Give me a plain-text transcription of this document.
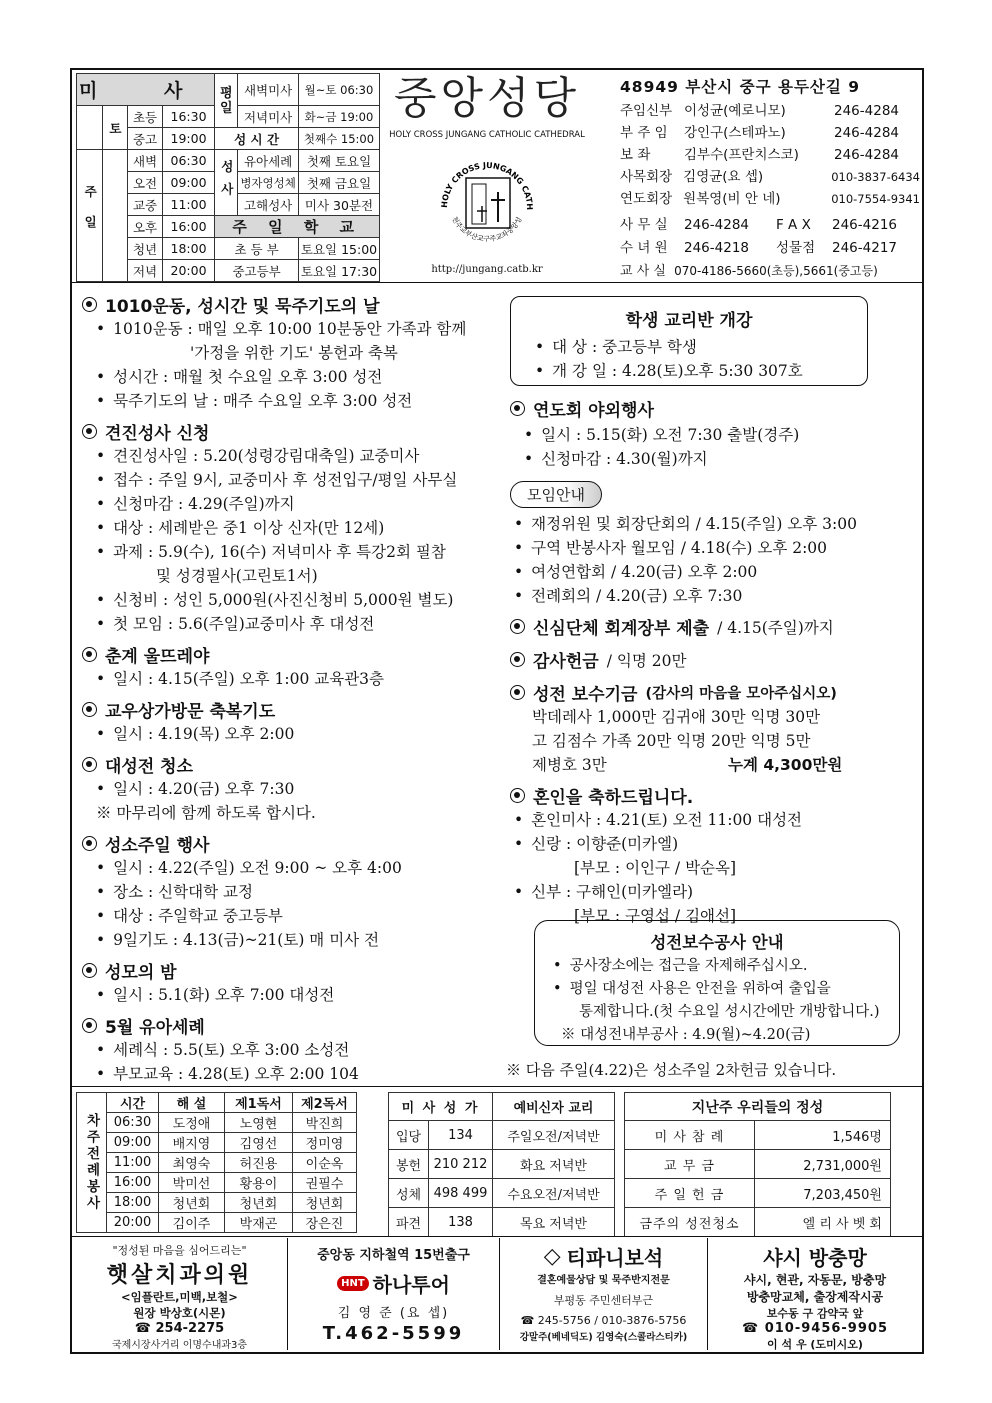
미 사				평일	새벽미사	월~토 06:30
	토	초등	16:30		저녁미사	화~금 19:00
		중고	19:00	성 시 간		첫째수 15:00
주일		새벽	06:30	성사	유아세례	첫째 토요일
		오전	09:00		병자영성체	첫째 금요일
		교중	11:00		고해성사	미사 30분전
		오후	16:00	주 일 학 교		
		청년	18:00	초 등 부		토요일 15:00
		저녁	20:00	중고등부		토요일 17:30
중앙성당
HOLY CROSS JUNGANG CATHOLIC CATHEDRAL
HOLY CROSS JUNGANG CATH
천주교부산교구주교좌중앙성
http://jungang.catb.kr
48949 부산시 중구 용두산길 9
주임신부 이성균(예로니모)	246-4284
부 주 임	강인구(스테파노)	246-4284
보 좌	김부수(프란치스코)	246-4284
사목회장 김영균(요 셉)	010-3837-6434
연도회장 원복영(비 안 네)	010-7554-9341
사 무 실	246-4284	F A X	246-4216
수 녀 원	246-4218	성물점	246-4217
교 사 실 070-4186-5660(초등),5661(중고등)
1010운동, 성시간 및 묵주기도의 날
• 1010운동 : 매일 오후 10:00 10분동안 가족과 함께
'가정을 위한 기도' 봉헌과 축복
• 성시간 : 매월 첫 수요일 오후 3:00 성전
• 묵주기도의 날 : 매주 수요일 오후 3:00 성전
견진성사 신청
• 견진성사일 : 5.20(성령강림대축일) 교중미사
• 접수 : 주일 9시, 교중미사 후 성전입구/평일 사무실
• 신청마감 : 4.29(주일)까지
• 대상 : 세례받은 중1 이상 신자(만 12세)
• 과제 : 5.9(수), 16(수) 저녁미사 후 특강2회 필참
및 성경필사(고린토1서)
• 신청비 : 성인 5,000원(사진신청비 5,000원 별도)
• 첫 모임 : 5.6(주일)교중미사 후 대성전
춘계 울뜨레야
• 일시 : 4.15(주일) 오후 1:00 교육관3층
교우상가방문 축복기도
• 일시 : 4.19(목) 오후 2:00
대성전 청소
• 일시 : 4.20(금) 오후 7:30
※ 마무리에 함께 하도록 합시다.
성소주일 행사
• 일시 : 4.22(주일) 오전 9:00 ~ 오후 4:00
• 장소 : 신학대학 교정
• 대상 : 주일학교 중고등부
• 9일기도 : 4.13(금)~21(토) 매 미사 전
성모의 밤
• 일시 : 5.1(화) 오후 7:00 대성전
5월 유아세례
• 세례식 : 5.5(토) 오후 3:00 소성전
• 부모교육 : 4.28(토) 오후 2:00 104
학생 교리반 개강
• 대 상 : 중고등부 학생
• 개 강 일 : 4.28(토)오후 5:30 307호
연도회 야외행사
• 일시 : 5.15(화) 오전 7:30 출발(경주)
• 신청마감 : 4.30(월)까지
모임안내
• 재정위원 및 회장단회의 / 4.15(주일) 오후 3:00
• 구역 반봉사자 월모임 / 4.18(수) 오후 2:00
• 여성연합회 / 4.20(금) 오후 2:00
• 전례회의 / 4.20(금) 오후 7:30
신심단체 회계장부 제출 / 4.15(주일)까지
감사헌금 / 익명 20만
성전 보수기금 (감사의 마음을 모아주십시오)
박데레사 1,000만 김귀애 30만 익명 30만
고 김점수 가족 20만 익명 20만 익명 5만
제병호 3만	누계 4,300만원
혼인을 축하드립니다.
• 혼인미사 : 4.21(토) 오전 11:00 대성전
• 신랑 : 이향준(미카엘)
[부모 : 이인구 / 박순옥]
• 신부 : 구해인(미카엘라)
[부모 : 구영섭 / 김애선]
성전보수공사 안내
• 공사장소에는 접근을 자제해주십시오.
• 평일 대성전 사용은 안전을 위하여 출입을
통제합니다.(첫 수요일 성시간에만 개방합니다.)
※ 대성전내부공사 : 4.9(월)~4.20(금)
※ 다음 주일(4.22)은 성소주일 2차헌금 있습니다.
차주전례봉사	시간	해 설	제1독서	제2독서
	06:30	도정애	노영현	박진희
	09:00	배지영	김영선	정미영
	11:00	최영숙	허진용	이순옥
	16:00	박미선	황용이	권필수
	18:00	청년회	청년회	청년회
	20:00	김이주	박재곤	장은진
미 사 성 가		예비신자 교리
입당	134	주일오전/저녁반
봉헌	210 212	화요 저녁반
성체	498 499	수요오전/저녁반
파견	138	목요 저녁반
지난주 우리들의 정성	
미 사 참 례	1,546명
교 무 금	2,731,000원
주 일 헌 금	7,203,450원
금주의 성전청소	엘 리 사 벳 회
"정성된 마음을 심어드리는"
햇살치과의원
<임플란트,미백,보철>
원장 박상호(시몬)
☎ 254-2275
국제시장사거리 이명수내과3층
중앙동 지하철역 15번출구
HNT 하나투어
김 영 준 (요 셉)
T.462-5599
◇ 티파니보석
결혼예물상담 및 묵주반지전문
부평동 주민센터부근
☎ 245-5756 / 010-3876-5756
강말주(베네딕도) 김영숙(스콜라스티카)
샤시 방충망
샤시, 현관, 자동문, 방충망
방충망교체, 출장제작시공
보수동 구 감약국 앞
☎ 010-9456-9905
이 석 우 (도미시오)
